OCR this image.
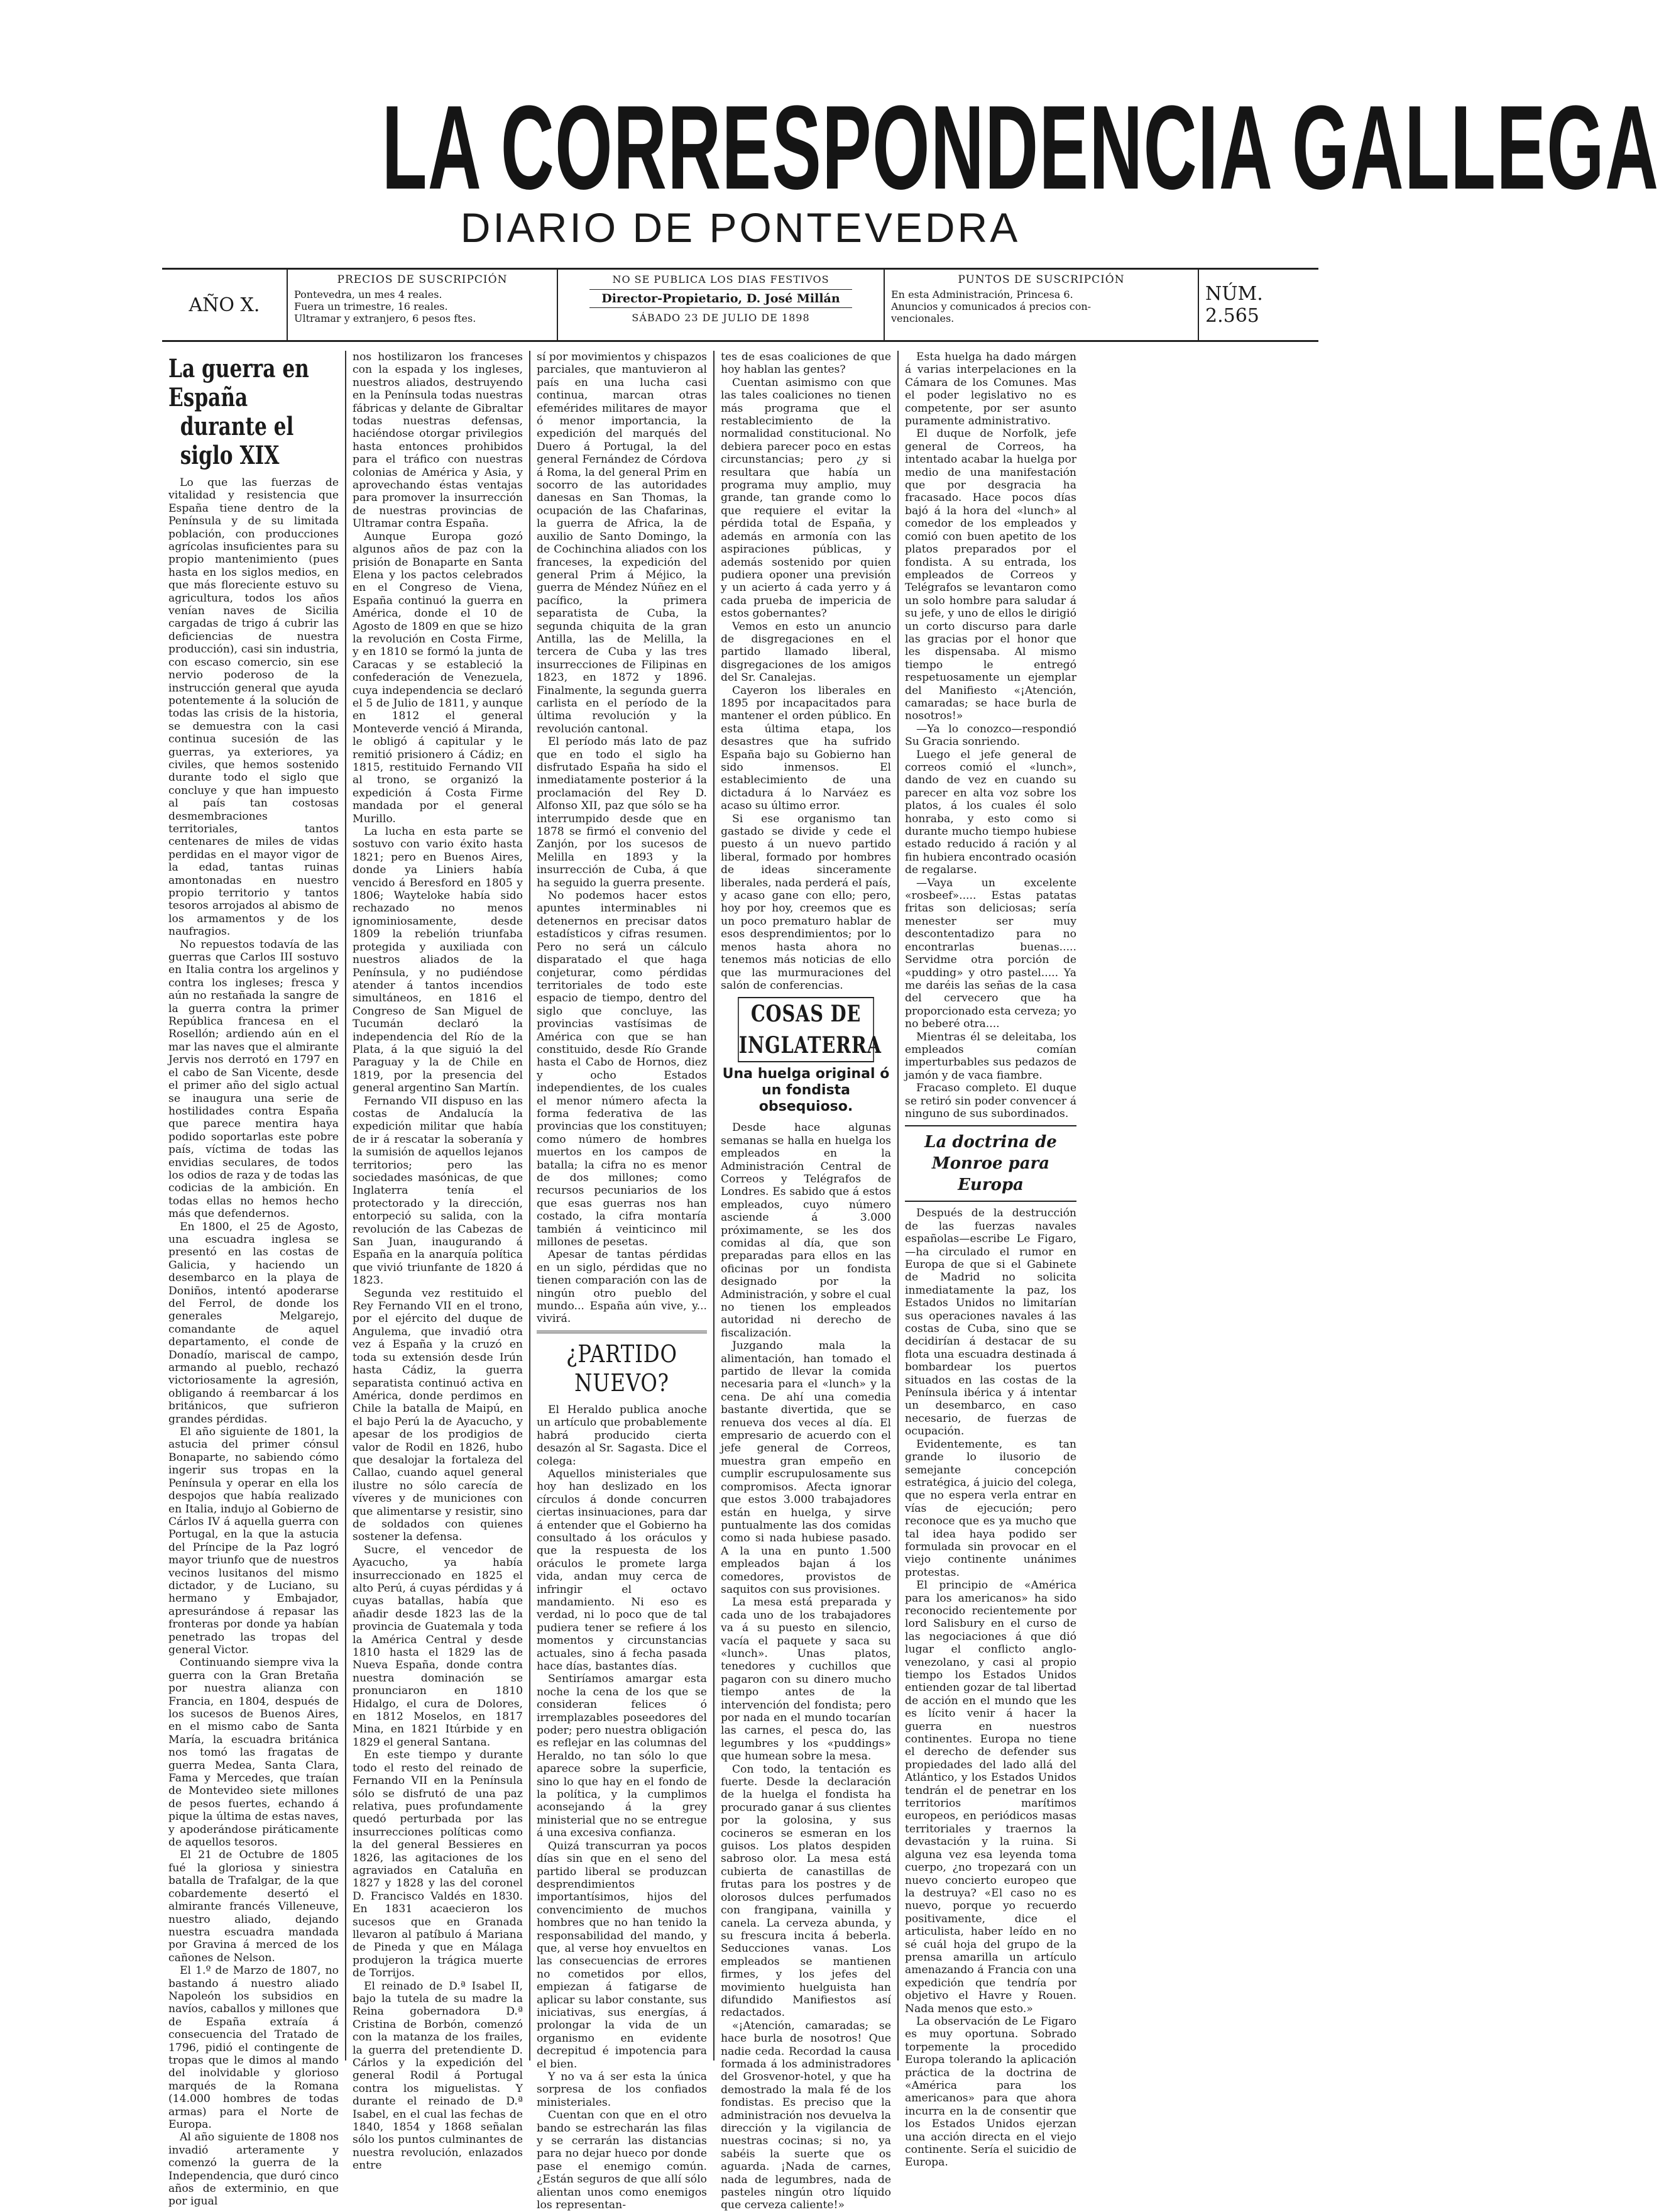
LA CORRESPONDENCIA GALLEGA
DIARIO DE PONTEVEDRA
AÑO X.
PRECIOS DE SUSCRIPCIÓN

Pontevedra, un mes 4 reales.

Fuera un trimestre, 16 reales.

Ultramar y extranjero, 6 pesos ftes.

NO SE PUBLICA LOS DIAS FESTIVOS
Director-Propietario, D. José Millán
SÁBADO 23 DE JULIO DE 1898
PUNTOS DE SUSCRIPCIÓN

En esta Administración, Princesa 6.

Anuncios y comunicados á precios con-

vencionales.

NÚM. 2.565
La guerra en España
durante el siglo XIX

Lo que las fuerzas de vitalidad y resistencia que España tiene dentro de la Península y de su limitada población, con producciones agrícolas insuficientes para su propio mantenimiento (pues hasta en los siglos medios, en que más floreciente estuvo su agricultura, todos los años venían naves de Sicilia cargadas de trigo á cubrir las deficiencias de nuestra producción), casi sin industria, con escaso comercio, sin ese nervio poderoso de la instrucción general que ayuda potentemente á la solución de todas las crisis de la historia, se demuestra con la casi continua sucesión de las guerras, ya exteriores, ya civiles, que hemos sostenido durante todo el siglo que concluye y que han impuesto al país tan costosas desmembraciones territoriales, tantos centenares de miles de vidas perdidas en el mayor vigor de la edad, tantas ruinas amontonadas en nuestro propio territorio y tantos tesoros arrojados al abismo de los armamentos y de los naufragios.

No repuestos todavía de las guerras que Carlos III sostuvo en Italia contra los argelinos y contra los ingleses; fresca y aún no restañada la sangre de la guerra contra la primer República francesa en el Rosellón; ardiendo aún en el mar las naves que el almirante Jervis nos derrotó en 1797 en el cabo de San Vicente, desde el primer año del siglo actual se inaugura una serie de hostilidades contra España que parece mentira haya podido soportarlas este pobre país, víctima de todas las envidias seculares, de todos los odios de raza y de todas las codicias de la ambición. En todas ellas no hemos hecho más que defendernos.

En 1800, el 25 de Agosto, una escuadra inglesa se presentó en las costas de Galicia, y haciendo un desembarco en la playa de Doniños, intentó apoderarse del Ferrol, de donde los generales Melgarejo, comandante de aquel departamento, el conde de Donadío, mariscal de campo, armando al pueblo, rechazó victoriosamente la agresión, obligando á reembarcar á los británicos, que sufrieron grandes pérdidas.

El año siguiente de 1801, la astucia del primer cónsul Bonaparte, no sabiendo cómo ingerir sus tropas en la Península y operar en ella los despojos que había realizado en Italia, indujo al Gobierno de Cárlos IV á aquella guerra con Portugal, en la que la astucia del Príncipe de la Paz logró mayor triunfo que de nuestros vecinos lusitanos del mismo dictador, y de Luciano, su hermano y Embajador, apresurándose á repasar las fronteras por donde ya habían penetrado las tropas del general Victor.

Continuando siempre viva la guerra con la Gran Bretaña por nuestra alianza con Francia, en 1804, después de los sucesos de Buenos Aires, en el mismo cabo de Santa María, la escuadra británica nos tomó las fragatas de guerra Medea, Santa Clara, Fama y Mercedes, que traían de Montevideo siete millones de pesos fuertes, echando á pique la última de estas naves, y apoderándose piráticamente de aquellos tesoros.

El 21 de Octubre de 1805 fué la gloriosa y siniestra batalla de Trafalgar, de la que cobardemente desertó el almirante francés Villeneuve, nuestro aliado, dejando nuestra escuadra mandada por Gravina á merced de los cañones de Nelson.

El 1.º de Marzo de 1807, no bastando á nuestro aliado Napoleón los subsidios en navíos, caballos y millones que de España extraía á consecuencia del Tratado de 1796, pidió el contingente de tropas que le dimos al mando del inolvidable y glorioso marqués de la Romana (14.000 hombres de todas armas) para el Norte de Europa.

Al año siguiente de 1808 nos invadió arteramente y comenzó la guerra de la Independencia, que duró cinco años de exterminio, en que por igual

nos hostilizaron los franceses con la espada y los ingleses, nuestros aliados, destruyendo en la Península todas nuestras fábricas y delante de Gibraltar todas nuestras defensas, haciéndose otorgar privilegios hasta entonces prohibidos para el tráfico con nuestras colonias de América y Asia, y aprovechando éstas ventajas para promover la insurrección de nuestras provincias de Ultramar contra España.

Aunque Europa gozó algunos años de paz con la prisión de Bonaparte en Santa Elena y los pactos celebrados en el Congreso de Viena, España continuó la guerra en América, donde el 10 de Agosto de 1809 en que se hizo la revolución en Costa Firme, y en 1810 se formó la junta de Caracas y se estableció la confederación de Venezuela, cuya independencia se declaró el 5 de Julio de 1811, y aunque en 1812 el general Monteverde venció á Miranda, le obligó á capitular y le remitió prisionero á Cádiz; en 1815, restituido Fernando VII al trono, se organizó la expedición á Costa Firme mandada por el general Murillo.

La lucha en esta parte se sostuvo con vario éxito hasta 1821; pero en Buenos Aires, donde ya Liniers había vencido á Beresford en 1805 y 1806; Wayteloke había sido rechazado no menos ignominiosamente, desde 1809 la rebelión triunfaba protegida y auxiliada con nuestros aliados de la Península, y no pudiéndose atender á tantos incendios simultáneos, en 1816 el Congreso de San Miguel de Tucumán declaró la independencia del Río de la Plata, á la que siguió la del Paraguay y la de Chile en 1819, por la presencia del general argentino San Martín.

Fernando VII dispuso en las costas de Andalucía la expedición militar que había de ir á rescatar la soberanía y la sumisión de aquellos lejanos territorios; pero las sociedades masónicas, de que Inglaterra tenía el protectorado y la dirección, entorpeció su salida, con la revolución de las Cabezas de San Juan, inaugurando á España en la anarquía política que vivió triunfante de 1820 á 1823.

Segunda vez restituido el Rey Fernando VII en el trono, por el ejército del duque de Angulema, que invadió otra vez á España y la cruzó en toda su extensión desde Irún hasta Cádiz, la guerra separatista continuó activa en América, donde perdimos en Chile la batalla de Maipú, en el bajo Perú la de Ayacucho, y apesar de los prodigios de valor de Rodil en 1826, hubo que desalojar la fortaleza del Callao, cuando aquel general ilustre no sólo carecía de víveres y de municiones con que alimentarse y resistir, sino de soldados con quienes sostener la defensa.

Sucre, el vencedor de Ayacucho, ya había insurreccionado en 1825 el alto Perú, á cuyas pérdidas y á cuyas batallas, había que añadir desde 1823 las de la provincia de Guatemala y toda la América Central y desde 1810 hasta el 1829 las de Nueva España, donde contra nuestra dominación se pronunciaron en 1810 Hidalgo, el cura de Dolores, en 1812 Moselos, en 1817 Mina, en 1821 Itúrbide y en 1829 el general Santana.

En este tiempo y durante todo el resto del reinado de Fernando VII en la Península sólo se disfrutó de una paz relativa, pues profundamente quedó perturbada por las insurrecciones políticas como la del general Bessieres en 1826, las agitaciones de los agraviados en Cataluña en 1827 y 1828 y las del coronel D. Francisco Valdés en 1830. En 1831 acaecieron los sucesos que en Granada llevaron al patíbulo á Mariana de Pineda y que en Málaga produjeron la trágica muerte de Torrijos.

El reinado de D.ª Isabel II, bajo la tutela de su madre la Reina gobernadora D.ª Cristina de Borbón, comenzó con la matanza de los frailes, la guerra del pretendiente D. Cárlos y la expedición del general Rodil á Portugal contra los miguelistas. Y durante el reinado de D.ª Isabel, en el cual las fechas de 1840, 1854 y 1868 señalan sólo los puntos culminantes de nuestra revolución, enlazados entre

sí por movimientos y chispazos parciales, que mantuvieron al país en una lucha casi continua, marcan otras efemérides militares de mayor ó menor importancia, la expedición del marqués del Duero á Portugal, la del general Fernández de Córdova á Roma, la del general Prim en socorro de las autoridades danesas en San Thomas, la ocupación de las Chafarinas, la guerra de Africa, la de auxilio de Santo Domingo, la de Cochinchina aliados con los franceses, la expedición del general Prim á Méjico, la guerra de Méndez Núñez en el pacífico, la primera separatista de Cuba, la segunda chiquita de la gran Antilla, las de Melilla, la tercera de Cuba y las tres insurrecciones de Filipinas en 1823, en 1872 y 1896. Finalmente, la segunda guerra carlista en el período de la última revolución y la revolución cantonal.

El período más lato de paz que en todo el siglo ha disfrutado España ha sido el inmediatamente posterior á la proclamación del Rey D. Alfonso XII, paz que sólo se ha interrumpido desde que en 1878 se firmó el convenio del Zanjón, por los sucesos de Melilla en 1893 y la insurrección de Cuba, á que ha seguido la guerra presente.

No podemos hacer estos apuntes interminables ni detenernos en precisar datos estadísticos y cifras resumen. Pero no será un cálculo disparatado el que haga conjeturar, como pérdidas territoriales de todo este espacio de tiempo, dentro del siglo que concluye, las provincias vastísimas de América con que se han constituido, desde Río Grande hasta el Cabo de Hornos, diez y ocho Estados independientes, de los cuales el menor número afecta la forma federativa de las provincias que los constituyen; como número de hombres muertos en los campos de batalla; la cifra no es menor de dos millones; como recursos pecuniarios de los que esas guerras nos han costado, la cifra montaría también á veinticinco mil millones de pesetas.

Apesar de tantas pérdidas en un siglo, pérdidas que no tienen comparación con las de ningún otro pueblo del mundo... España aún vive, y... vivirá.

¿PARTIDO NUEVO?

El Heraldo publica anoche un artículo que probablemente habrá producido cierta desazón al Sr. Sagasta. Dice el colega:

Aquellos ministeriales que hoy han deslizado en los círculos á donde concurren ciertas insinuaciones, para dar á entender que el Gobierno ha consultado á los oráculos y que la respuesta de los oráculos le promete larga vida, andan muy cerca de infringir el octavo mandamiento. Ni eso es verdad, ni lo poco que de tal pudiera tener se refiere á los momentos y circunstancias actuales, sino á fecha pasada hace días, bastantes días.

Sentiríamos amargar esta noche la cena de los que se consideran felices ó irremplazables poseedores del poder; pero nuestra obligación es reflejar en las columnas del Heraldo, no tan sólo lo que aparece sobre la superficie, sino lo que hay en el fondo de la política, y la cumplimos aconsejando á la grey ministerial que no se entregue á una excesiva confianza.

Quizá transcurran ya pocos días sin que en el seno del partido liberal se produzcan desprendimientos importantísimos, hijos del convencimiento de muchos hombres que no han tenido la responsabilidad del mando, y que, al verse hoy envueltos en las consecuencias de errores no cometidos por ellos, empiezan á fatigarse de aplicar su labor constante, sus iniciativas, sus energías, á prolongar la vida de un organismo en evidente decrepitud é impotencia para el bien.

Y no va á ser esta la única sorpresa de los confiados ministeriales.

Cuentan con que en el otro bando se estrecharán las filas y se cerrarán las distancias para no dejar hueco por donde pase el enemigo común. ¿Están seguros de que allí sólo alientan unos como enemigos los representan-

tes de esas coaliciones de que hoy hablan las gentes?

Cuentan asimismo con que las tales coaliciones no tienen más programa que el restablecimiento de la normalidad constitucional. No debiera parecer poco en estas circunstancias; pero ¿y si resultara que había un programa muy amplio, muy grande, tan grande como lo que requiere el evitar la pérdida total de España, y además en armonía con las aspiraciones públicas, y además sostenido por quien pudiera oponer una previsión y un acierto á cada yerro y á cada prueba de impericia de estos gobernantes?

Vemos en esto un anuncio de disgregaciones en el partido llamado liberal, disgregaciones de los amigos del Sr. Canalejas.

Cayeron los liberales en 1895 por incapacitados para mantener el orden público. En esta última etapa, los desastres que ha sufrido España bajo su Gobierno han sido inmensos. El establecimiento de una dictadura á lo Narváez es acaso su último error.

Si ese organismo tan gastado se divide y cede el puesto á un nuevo partido liberal, formado por hombres de ideas sinceramente liberales, nada perderá el país, y acaso gane con ello; pero, hoy por hoy, creemos que es un poco prematuro hablar de esos desprendimientos; por lo menos hasta ahora no tenemos más noticias de ello que las murmuraciones del salón de conferencias.

COSAS DE INGLATERRA
Una huelga original ó un fondista obsequioso.

Desde hace algunas semanas se halla en huelga los empleados en la Administración Central de Correos y Telégrafos de Londres. Es sabido que á estos empleados, cuyo número asciende á 3.000 próximamente, se les dos comidas al día, que son preparadas para ellos en las oficinas por un fondista designado por la Administración, y sobre el cual no tienen los empleados autoridad ni derecho de fiscalización.

Juzgando mala la alimentación, han tomado el partido de llevar la comida necesaria para el «lunch» y la cena. De ahí una comedia bastante divertida, que se renueva dos veces al día. El empresario de acuerdo con el jefe general de Correos, muestra gran empeño en cumplir escrupulosamente sus compromisos. Afecta ignorar que estos 3.000 trabajadores están en huelga, y sirve puntualmente las dos comidas como si nada hubiese pasado. A la una en punto 1.500 empleados bajan á los comedores, provistos de saquitos con sus provisiones.

La mesa está preparada y cada uno de los trabajadores va á su puesto en silencio, vacía el paquete y saca su «lunch». Unas platos, tenedores y cuchillos que pagaron con su dinero mucho tiempo antes de la intervención del fondista; pero por nada en el mundo tocarían las carnes, el pesca do, las legumbres y los «puddings» que humean sobre la mesa.

Con todo, la tentación es fuerte. Desde la declaración de la huelga el fondista ha procurado ganar á sus clientes por la golosina, y sus cocineros se esmeran en los guisos. Los platos despiden sabroso olor. La mesa está cubierta de canastillas de frutas para los postres y de olorosos dulces perfumados con frangipana, vainilla y canela. La cerveza abunda, y su frescura incita á beberla. Seducciones vanas. Los empleados se mantienen firmes, y los jefes del movimiento huelguista han difundido Manifiestos así redactados.

«¡Atención, camaradas; se hace burla de nosotros! Que nadie ceda. Recordad la causa formada á los administradores del Grosvenor-hotel, y que ha demostrado la mala fé de los fondistas. Es preciso que la administración nos devuelva la dirección y la vigilancia de nuestras cocinas; si no, ya sabéis la suerte que os aguarda. ¡Nada de carnes, nada de legumbres, nada de pasteles ningún otro líquido que cerveza caliente!»

Esta huelga ha dado márgen á varias interpelaciones en la Cámara de los Comunes. Mas el poder legislativo no es competente, por ser asunto puramente administrativo.

El duque de Norfolk, jefe general de Correos, ha intentado acabar la huelga por medio de una manifestación que por desgracia ha fracasado. Hace pocos días bajó á la hora del «lunch» al comedor de los empleados y comió con buen apetito de los platos preparados por el fondista. A su entrada, los empleados de Correos y Telégrafos se levantaron como un solo hombre para saludar á su jefe, y uno de ellos le dirigió un corto discurso para darle las gracias por el honor que les dispensaba. Al mismo tiempo le entregó respetuosamente un ejemplar del Manifiesto «¡Atención, camaradas; se hace burla de nosotros!»

—Ya lo conozco—respondió Su Gracia sonriendo.

Luego el jefe general de correos comió el «lunch», dando de vez en cuando su parecer en alta voz sobre los platos, á los cuales él solo honraba, y esto como si durante mucho tiempo hubiese estado reducido á ración y al fin hubiera encontrado ocasión de regalarse.

—Vaya un excelente «rosbeef»..... Estas patatas fritas son deliciosas; sería menester ser muy descontentadizo para no encontrarlas buenas..... Servidme otra porción de «pudding» y otro pastel..... Ya me daréis las señas de la casa del cervecero que ha proporcionado esta cerveza; yo no beberé otra....

Mientras él se deleitaba, los empleados comían imperturbables sus pedazos de jamón y de vaca fiambre.

Fracaso completo. El duque se retiró sin poder convencer á ninguno de sus subordinados.

La doctrina de Monroe para Europa

Después de la destrucción de las fuerzas navales españolas—escribe Le Figaro,—ha circulado el rumor en Europa de que si el Gabinete de Madrid no solicita inmediatamente la paz, los Estados Unidos no limitarían sus operaciones navales á las costas de Cuba, sino que se decidirían á destacar de su flota una escuadra destinada á bombardear los puertos situados en las costas de la Península ibérica y á intentar un desembarco, en caso necesario, de fuerzas de ocupación.

Evidentemente, es tan grande lo ilusorio de semejante concepción estratégica, á juicio del colega, que no espera verla entrar en vías de ejecución; pero reconoce que es ya mucho que tal idea haya podido ser formulada sin provocar en el viejo continente unánimes protestas.

El principio de «América para los americanos» ha sido reconocido recientemente por lord Salisbury en el curso de las negociaciones á que dió lugar el conflicto anglo-venezolano, y casi al propio tiempo los Estados Unidos entienden gozar de tal libertad de acción en el mundo que les es lícito venir á hacer la guerra en nuestros continentes. Europa no tiene el derecho de defender sus propiedades del lado allá del Atlántico, y los Estados Unidos tendrán el de penetrar en los territorios marítimos europeos, en periódicos masas territoriales y traernos la devastación y la ruina. Si alguna vez esa leyenda toma cuerpo, ¿no tropezará con un nuevo concierto europeo que la destruya? «El caso no es nuevo, porque yo recuerdo positivamente, dice el articulista, haber leído en no sé cuál hoja del grupo de la prensa amarilla un artículo amenazando á Francia con una expedición que tendría por objetivo el Havre y Rouen. Nada menos que esto.»

La observación de Le Figaro es muy oportuna. Sobrado torpemente la procedido Europa tolerando la aplicación práctica de la doctrina de «América para los americanos» para que ahora incurra en la de consentir que los Estados Unidos ejerzan una acción directa en el viejo continente. Sería el suicidio de Europa.
